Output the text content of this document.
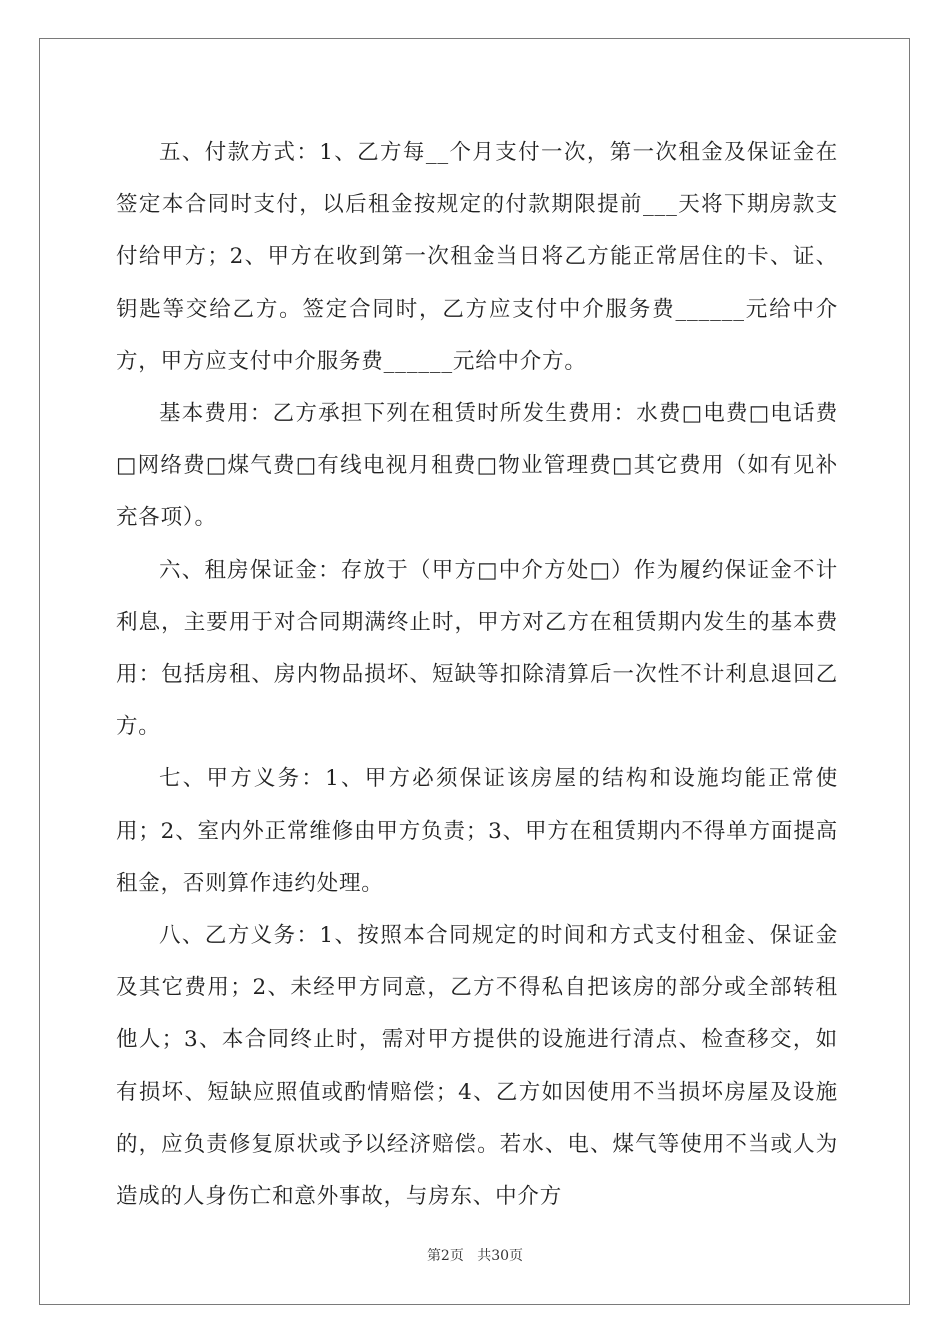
五、付款方式：1、乙方每__个月支付一次，第一次租金及保证金在签定本合同时支付，以后租金按规定的付款期限提前___天将下期房款支付给甲方；2、甲方在收到第一次租金当日将乙方能正常居住的卡、证、钥匙等交给乙方。签定合同时，乙方应支付中介服务费______元给中介方，甲方应支付中介服务费______元给中介方。

基本费用：乙方承担下列在租赁时所发生费用：水费□电费□电话费□网络费□煤气费□有线电视月租费□物业管理费□其它费用（如有见补充各项）。

六、租房保证金：存放于（甲方□中介方处□）作为履约保证金不计利息，主要用于对合同期满终止时，甲方对乙方在租赁期内发生的基本费用：包括房租、房内物品损坏、短缺等扣除清算后一次性不计利息退回乙方。

七、甲方义务：1、甲方必须保证该房屋的结构和设施均能正常使用；2、室内外正常维修由甲方负责；3、甲方在租赁期内不得单方面提高租金，否则算作违约处理。

八、乙方义务：1、按照本合同规定的时间和方式支付租金、保证金及其它费用；2、未经甲方同意，乙方不得私自把该房的部分或全部转租他人；3、本合同终止时，需对甲方提供的设施进行清点、检查移交，如有损坏、短缺应照值或酌情赔偿；4、乙方如因使用不当损坏房屋及设施的，应负责修复原状或予以经济赔偿。若水、电、煤气等使用不当或人为造成的人身伤亡和意外事故，与房东、中介方

第2页 共30页
